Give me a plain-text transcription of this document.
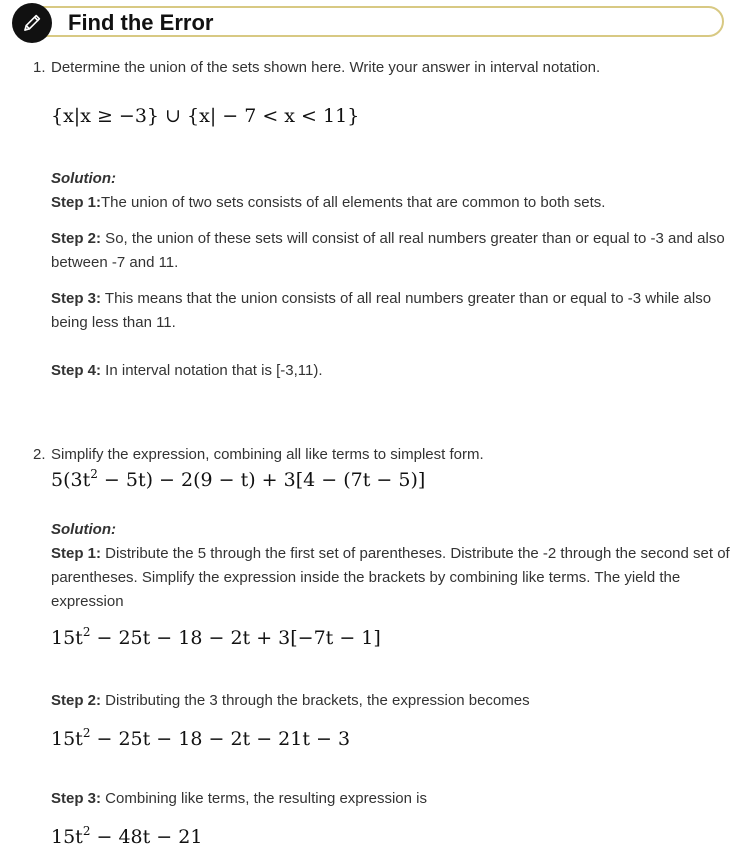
Find the Error
1. Determine the union of the sets shown here. Write your answer in interval notation.

{x|x ≥ −3} ∪ {x| − 7 < x < 11}

Solution:

Step 1:The union of two sets consists of all elements that are common to both sets.

Step 2: So, the union of these sets will consist of all real numbers greater than or equal to -3 and also between -7 and 11.

Step 3: This means that the union consists of all real numbers greater than or equal to -3 while also being less than 11.

Step 4: In interval notation that is [-3,11).

2. Simplify the expression, combining all like terms to simplest form.

$5(3t^2 - 5t) - 2(9 - t) + 3[4 - (7t - 5)]$

Solution:

Step 1: Distribute the 5 through the first set of parentheses. Distribute the -2 through the second set of parentheses. Simplify the expression inside the brackets by combining like terms. The yield the expression

$15t^2 - 25t - 18 - 2t + 3[-7t - 1]$

Step 2: Distributing the 3 through the brackets, the expression becomes

$15t^2 - 25t - 18 - 2t - 21t - 3$

Step 3: Combining like terms, the resulting expression is

$15t^2 - 48t - 21$
